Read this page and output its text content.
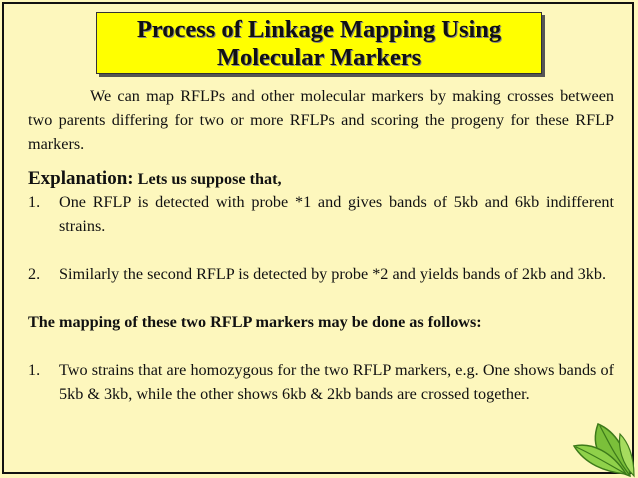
Process of Linkage Mapping Using
Molecular Markers

We can map RFLPs and other molecular markers by making crosses between two parents differing for two or more RFLPs and scoring the progeny for these RFLP markers.

Explanation: Lets us suppose that,

1. One RFLP is detected with probe *1 and gives bands of 5kb and 6kb indifferent strains.
2. Similarly the second RFLP is detected by probe *2 and yields bands of 2kb and 3kb.

The mapping of these two RFLP markers may be done as follows:

1. Two strains that are homozygous for the two RFLP markers, e.g. One shows bands of 5kb & 3kb, while the other shows 6kb & 2kb bands are crossed together.
